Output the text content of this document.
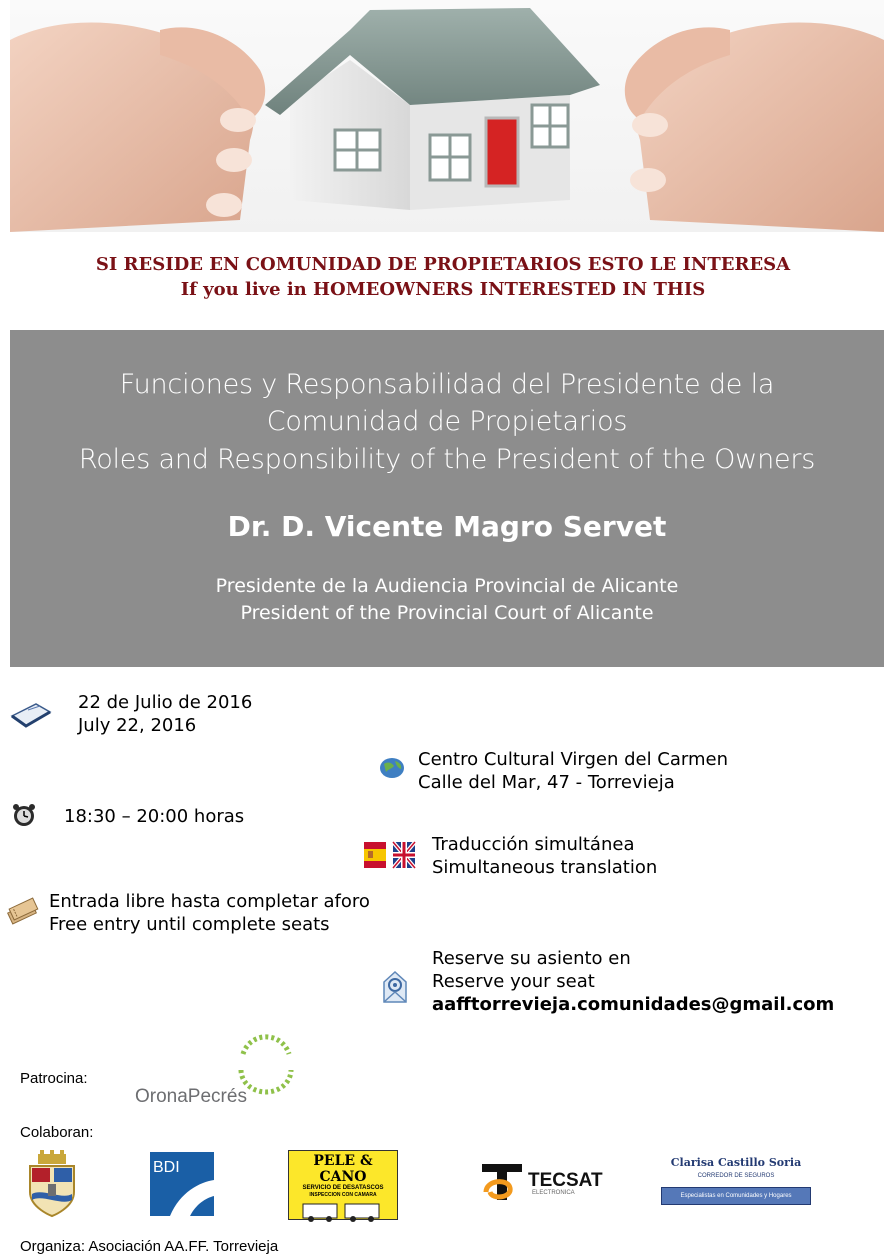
SI RESIDE EN COMUNIDAD DE PROPIETARIOS ESTO LE INTERESA
If you live in HOMEOWNERS INTERESTED IN THIS
Funciones y Responsabilidad del Presidente de la
Comunidad de Propietarios
Roles and Responsibility of the President of the Owners
Dr. D. Vicente Magro Servet
Presidente de la Audiencia Provincial de Alicante
President of the Provincial Court of Alicante
22 de Julio de 2016
July 22, 2016
Centro Cultural Virgen del Carmen
Calle del Mar, 47 - Torrevieja
18:30 – 20:00 horas
Traducción simultánea
Simultaneous translation
Entrada libre hasta completar aforo
Free entry until complete seats
Reserve su asiento en
Reserve your seat
aafftorrevieja.comunidades@gmail.com
Patrocina:
OronaPecrés
Colaboran:
BDI	PELE & CANO
SERVICIO DE DESATASCOS
INSPECCION CON CAMARA
TECSAT
ELECTRONICA
Clarisa Castillo Soria
CORREDOR DE SEGUROS
Especialistas en Comunidades y Hogares
Organiza: Asociación AA.FF. Torrevieja
